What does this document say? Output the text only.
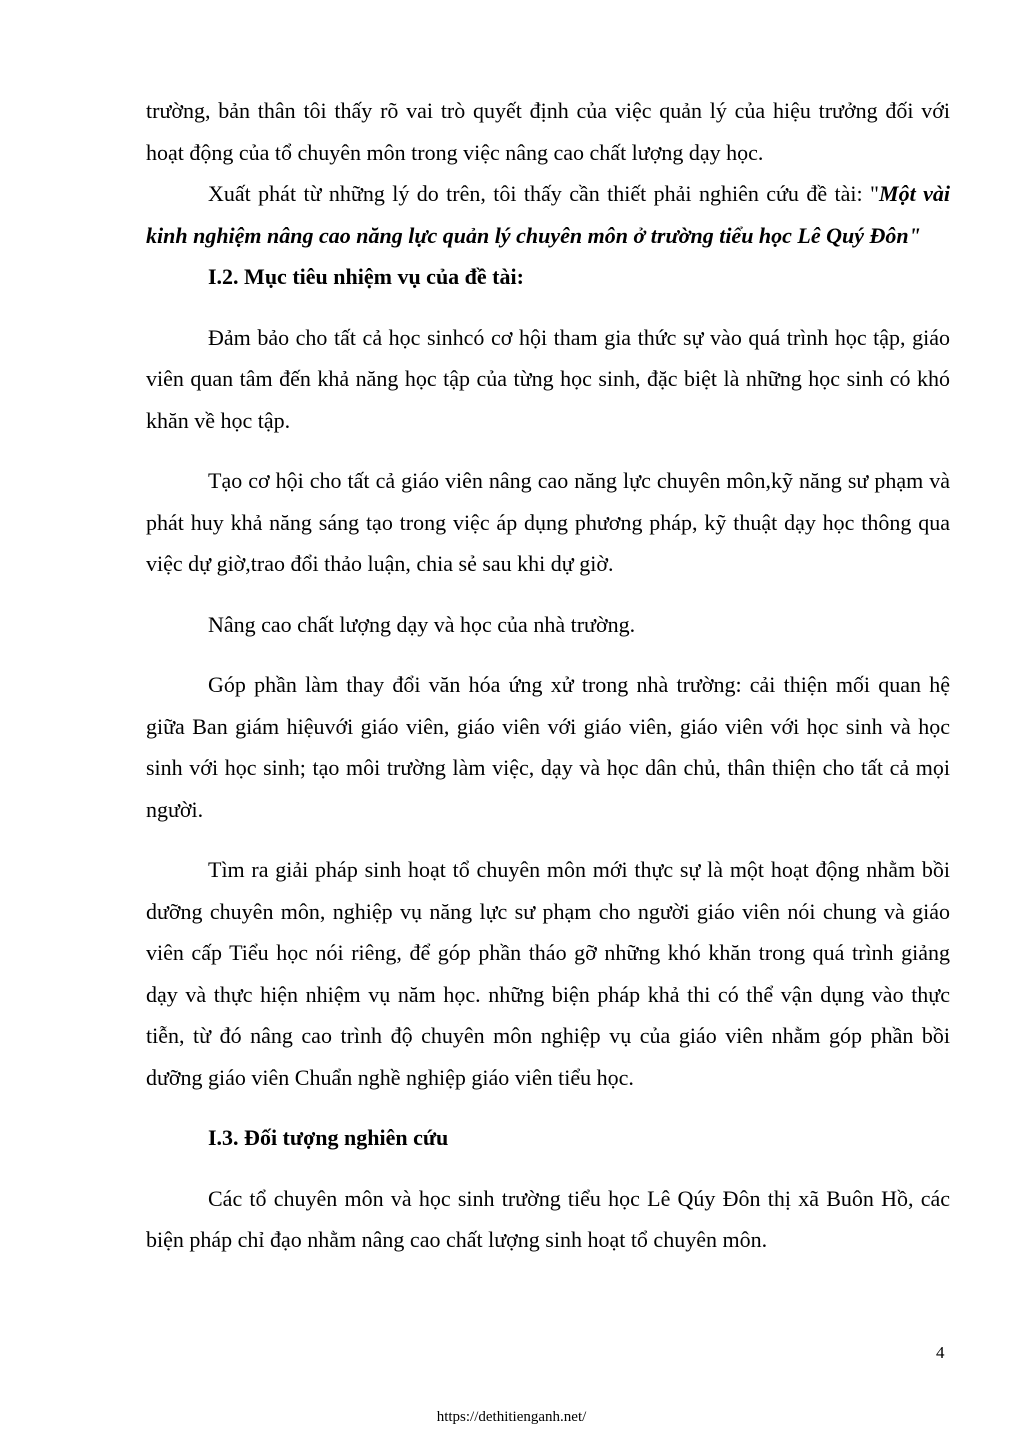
trường, bản thân tôi thấy rõ vai trò quyết định của việc quản lý của hiệu trưởng đối với hoạt động của tổ chuyên môn trong việc nâng cao chất lượng dạy học.

Xuất phát từ những lý do trên, tôi thấy cần thiết phải nghiên cứu đề tài: "Một vài kinh nghiệm nâng cao năng lực quản lý chuyên môn ở trường tiểu học Lê Quý Đôn"

I.2. Mục tiêu nhiệm vụ của đề tài:

Đảm bảo cho tất cả học sinhcó cơ hội tham gia thức sự vào quá trình học tập, giáo viên quan tâm đến khả năng học tập của từng học sinh, đặc biệt là những học sinh có khó khăn về học tập.

Tạo cơ hội cho tất cả giáo viên nâng cao năng lực chuyên môn,kỹ năng sư phạm và phát huy khả năng sáng tạo trong việc áp dụng phương pháp, kỹ thuật dạy học thông qua việc dự giờ,trao đổi thảo luận, chia sẻ sau khi dự giờ.

Nâng cao chất lượng dạy và học của nhà trường.

Góp phần làm thay đổi văn hóa ứng xử trong nhà trường: cải thiện mối quan hệ giữa Ban giám hiệuvới giáo viên, giáo viên với giáo viên, giáo viên với học sinh và học sinh với học sinh; tạo môi trường làm việc, dạy và học dân chủ, thân thiện cho tất cả mọi người.

Tìm ra giải pháp sinh hoạt tổ chuyên môn mới thực sự là một hoạt động nhằm bồi dưỡng chuyên môn, nghiệp vụ năng lực sư phạm cho người giáo viên nói chung và giáo viên cấp Tiểu học nói riêng, để góp phần tháo gỡ những khó khăn trong quá trình giảng dạy và thực hiện nhiệm vụ năm học. những biện pháp khả thi có thể vận dụng vào thực tiễn, từ đó nâng cao trình độ chuyên môn nghiệp vụ của giáo viên nhằm góp phần bồi dưỡng giáo viên Chuẩn nghề nghiệp giáo viên tiểu học.

I.3. Đối tượng nghiên cứu

Các tổ chuyên môn và học sinh trường tiểu học Lê Qúy Đôn thị xã Buôn Hồ, các biện pháp chỉ đạo nhằm nâng cao chất lượng sinh hoạt tổ chuyên môn.

4
https://dethitienganh.net/
